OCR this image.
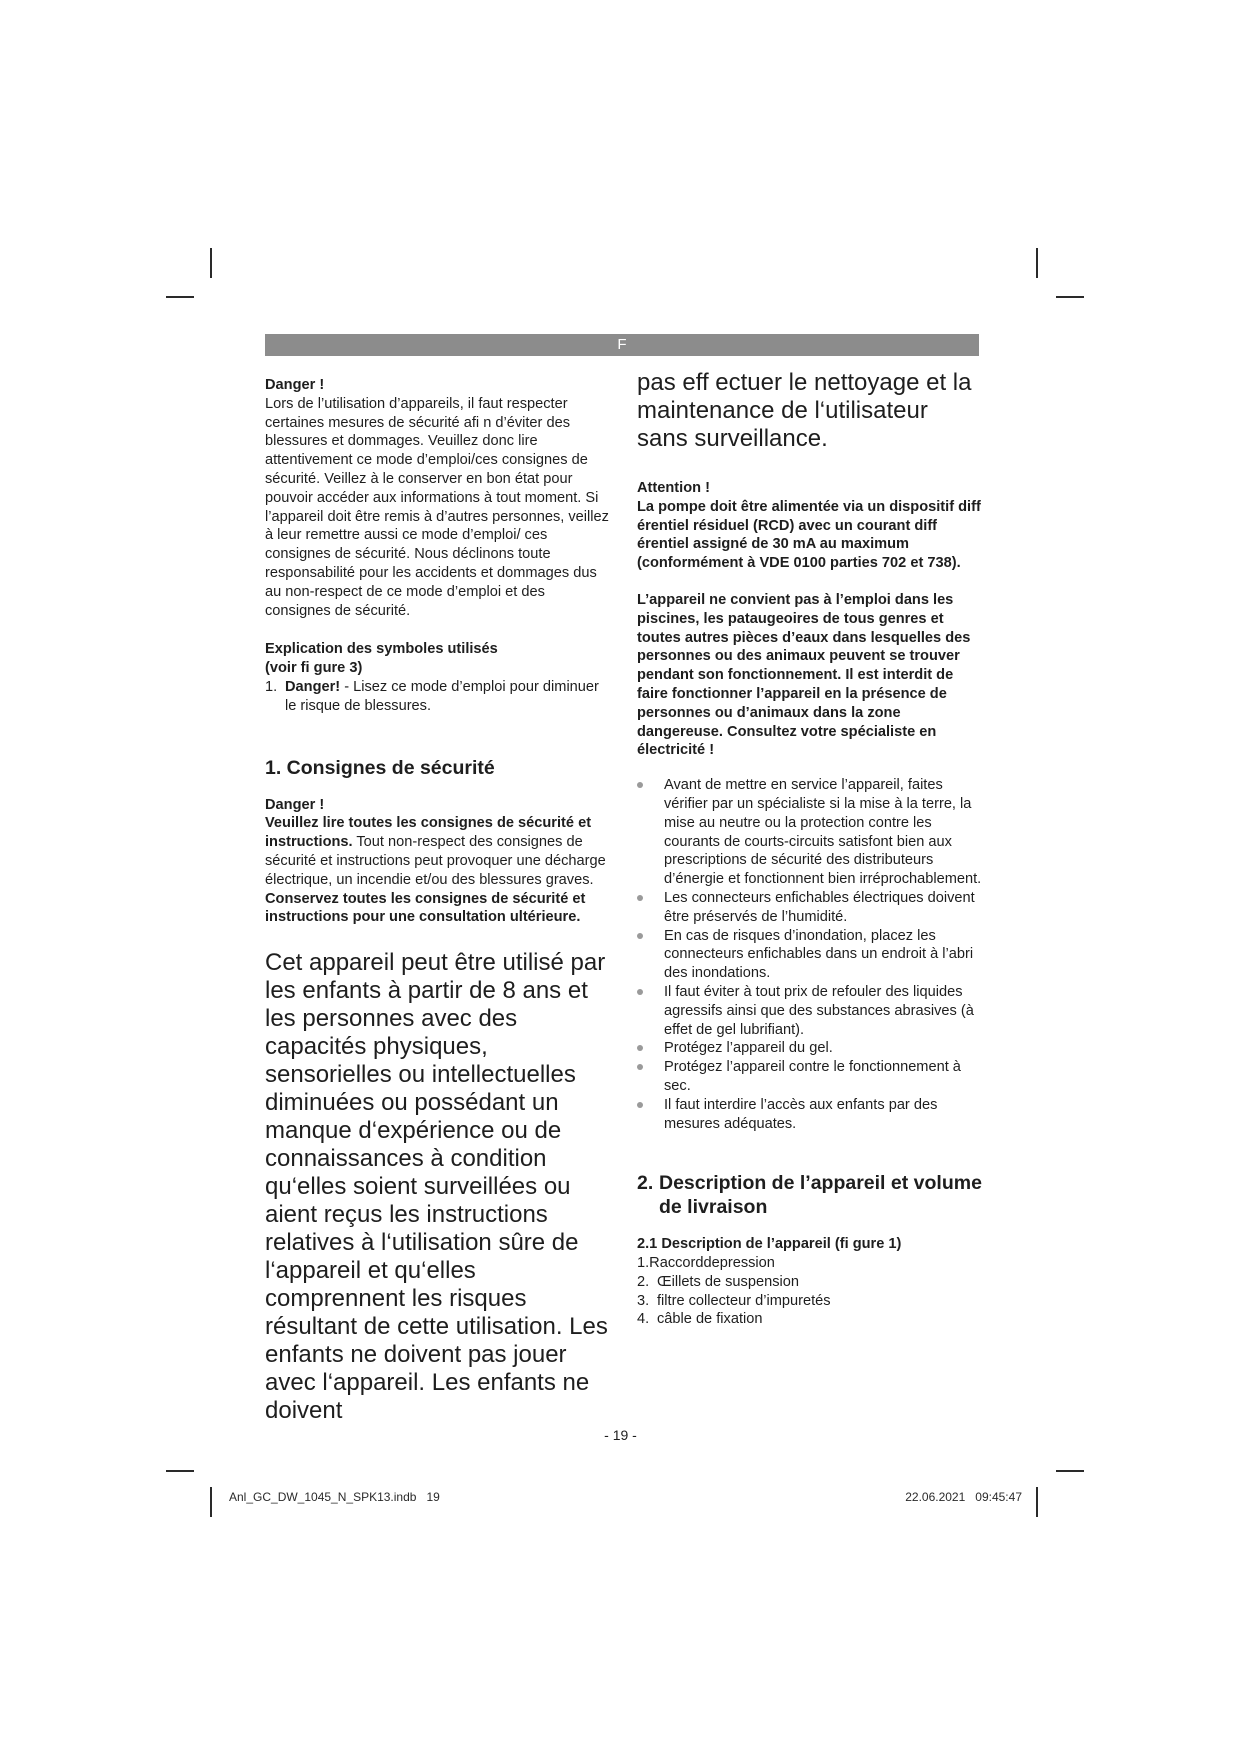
F

Danger !

Lors de l’utilisation d’appareils, il faut respecter certaines mesures de sécurité afi n d’éviter des blessures et dommages. Veuillez donc lire attentivement ce mode d’emploi/ces consignes de sécurité. Veillez à le conserver en bon état pour pouvoir accéder aux informations à tout moment. Si l’appareil doit être remis à d’autres personnes, veillez à leur remettre aussi ce mode d’emploi/ ces consignes de sécurité. Nous déclinons toute responsabilité pour les accidents et dommages dus au non-respect de ce mode d’emploi et des consignes de sécurité.

Explication des symboles utilisés

(voir fi gure 3)

1. Danger! - Lisez ce mode d’emploi pour diminuer le risque de blessures.

1. Consignes de sécurité

Danger !

Veuillez lire toutes les consignes de sécurité et instructions. Tout non-respect des consignes de sécurité et instructions peut provoquer une décharge électrique, un incendie et/ou des blessures graves.

Conservez toutes les consignes de sécurité et instructions pour une consultation ultérieure.

Cet appareil peut être utilisé par les enfants à partir de 8 ans et les personnes avec des capacités physiques, sensorielles ou intellectuelles diminuées ou possédant un manque d‘expérience ou de connaissances à condition qu‘elles soient surveillées ou aient reçus les instructions relatives à l‘utilisation sûre de l‘appareil et qu‘elles comprennent les risques résultant de cette utilisation. Les enfants ne doivent pas jouer avec l‘appareil. Les enfants ne doivent

pas eff ectuer le nettoyage et la maintenance de l‘utilisateur sans surveillance.

Attention !

La pompe doit être alimentée via un dispositif diff érentiel résiduel (RCD) avec un courant diff érentiel assigné de 30 mA au maximum (conformément à VDE 0100 parties 702 et 738).

L’appareil ne convient pas à l’emploi dans les piscines, les pataugeoires de tous genres et toutes autres pièces d’eaux dans lesquelles des personnes ou des animaux peuvent se trouver pendant son fonctionnement. Il est interdit de faire fonctionner l’appareil en la présence de personnes ou d’animaux dans la zone dangereuse. Consultez votre spécialiste en électricité !

Avant de mettre en service l’appareil, faites vérifier par un spécialiste si la mise à la terre, la mise au neutre ou la protection contre les courants de courts-circuits satisfont bien aux prescriptions de sécurité des distributeurs d’énergie et fonctionnent bien irréprochablement.
Les connecteurs enfichables électriques doivent être préservés de l’humidité.
En cas de risques d’inondation, placez les connecteurs enfichables dans un endroit à l’abri des inondations.
Il faut éviter à tout prix de refouler des liquides agressifs ainsi que des substances abrasives (à effet de gel lubrifiant).
Protégez l’appareil du gel.
Protégez l’appareil contre le fonctionnement à sec.
Il faut interdire l’accès aux enfants par des mesures adéquates.
2. Description de l’appareil et volume de livraison

2.1 Description de l’appareil (fi gure 1)

1.Raccorddepression

2. Œillets de suspension
3. filtre collecteur d’impuretés
4. câble de fixation
- 19 -
Anl_GC_DW_1045_N_SPK13.indb   19	22.06.2021   09:45:47
